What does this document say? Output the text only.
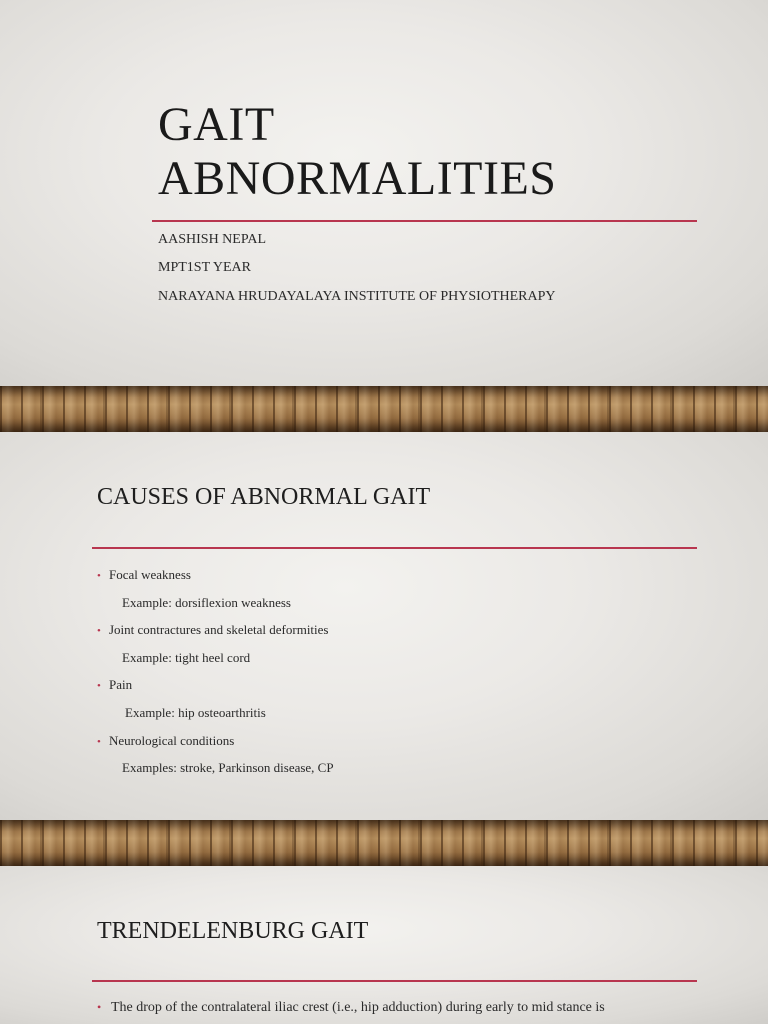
GAIT
ABNORMALITIES

AASHISH NEPAL

MPT1ST YEAR

NARAYANA HRUDAYALAYA INSTITUTE OF PHYSIOTHERAPY

CAUSES OF ABNORMAL GAIT
• Focal weakness
Example: dorsiflexion weakness
• Joint contractures and skeletal deformities
Example: tight heel cord
• Pain
Example: hip osteoarthritis
• Neurological conditions
Examples: stroke, Parkinson disease, CP
TRENDELENBURG GAIT

• The drop of the contralateral iliac crest (i.e., hip adduction) during early to mid stance is
